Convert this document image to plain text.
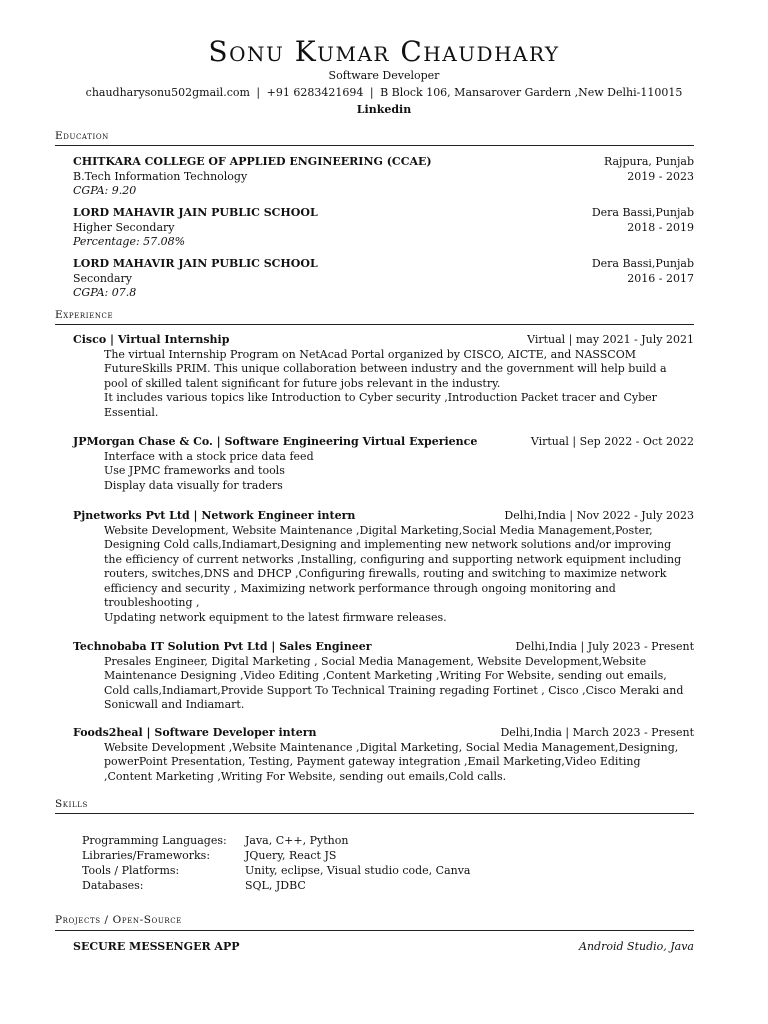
Sonu Kumar Chaudhary
Software Developer
chaudharysonu502gmail.com | +91 6283421694 | B Block 106, Mansarover Gardern ,New Delhi-110015
Linkedin
Education
CHITKARA COLLEGE OF APPLIED ENGINEERING (CCAE)	Rajpura, Punjab
B.Tech Information Technology	2019 - 2023
CGPA: 9.20
LORD MAHAVIR JAIN PUBLIC SCHOOL	Dera Bassi,Punjab
Higher Secondary	2018 - 2019
Percentage: 57.08%
LORD MAHAVIR JAIN PUBLIC SCHOOL	Dera Bassi,Punjab
Secondary	2016 - 2017
CGPA: 07.8
Experience
Cisco | Virtual Internship	Virtual | may 2021 - July 2021
The virtual Internship Program on NetAcad Portal organized by CISCO, AICTE, and NASSCOM
FutureSkills PRIM. This unique collaboration between industry and the government will help build a
pool of skilled talent significant for future jobs relevant in the industry.
It includes various topics like Introduction to Cyber security ,Introduction Packet tracer and Cyber
Essential.
JPMorgan Chase & Co. | Software Engineering Virtual Experience	Virtual | Sep 2022 - Oct 2022
Interface with a stock price data feed
Use JPMC frameworks and tools
Display data visually for traders
Pjnetworks Pvt Ltd | Network Engineer intern	Delhi,India | Nov 2022 - July 2023
Website Development, Website Maintenance ,Digital Marketing,Social Media Management,Poster,
Designing Cold calls,Indiamart,Designing and implementing new network solutions and/or improving
the efficiency of current networks ,Installing, configuring and supporting network equipment including
routers, switches,DNS and DHCP ,Configuring firewalls, routing and switching to maximize network
efficiency and security , Maximizing network performance through ongoing monitoring and
troubleshooting ,
Updating network equipment to the latest firmware releases.
Technobaba IT Solution Pvt Ltd | Sales Engineer	Delhi,India | July 2023 - Present
Presales Engineer, Digital Marketing , Social Media Management, Website Development,Website
Maintenance Designing ,Video Editing ,Content Marketing ,Writing For Website, sending out emails,
Cold calls,Indiamart,Provide Support To Technical Training regading Fortinet , Cisco ,Cisco Meraki and
Sonicwall and Indiamart.
Foods2heal | Software Developer intern	Delhi,India | March 2023 - Present
Website Development ,Website Maintenance ,Digital Marketing, Social Media Management,Designing,
powerPoint Presentation, Testing, Payment gateway integration ,Email Marketing,Video Editing
,Content Marketing ,Writing For Website, sending out emails,Cold calls.
Skills
Programming Languages:	Java, C++, Python
Libraries/Frameworks:	JQuery, React JS
Tools / Platforms:	Unity, eclipse, Visual studio code, Canva
Databases:	SQL, JDBC
Projects / Open-Source
SECURE MESSENGER APP	Android Studio, Java
